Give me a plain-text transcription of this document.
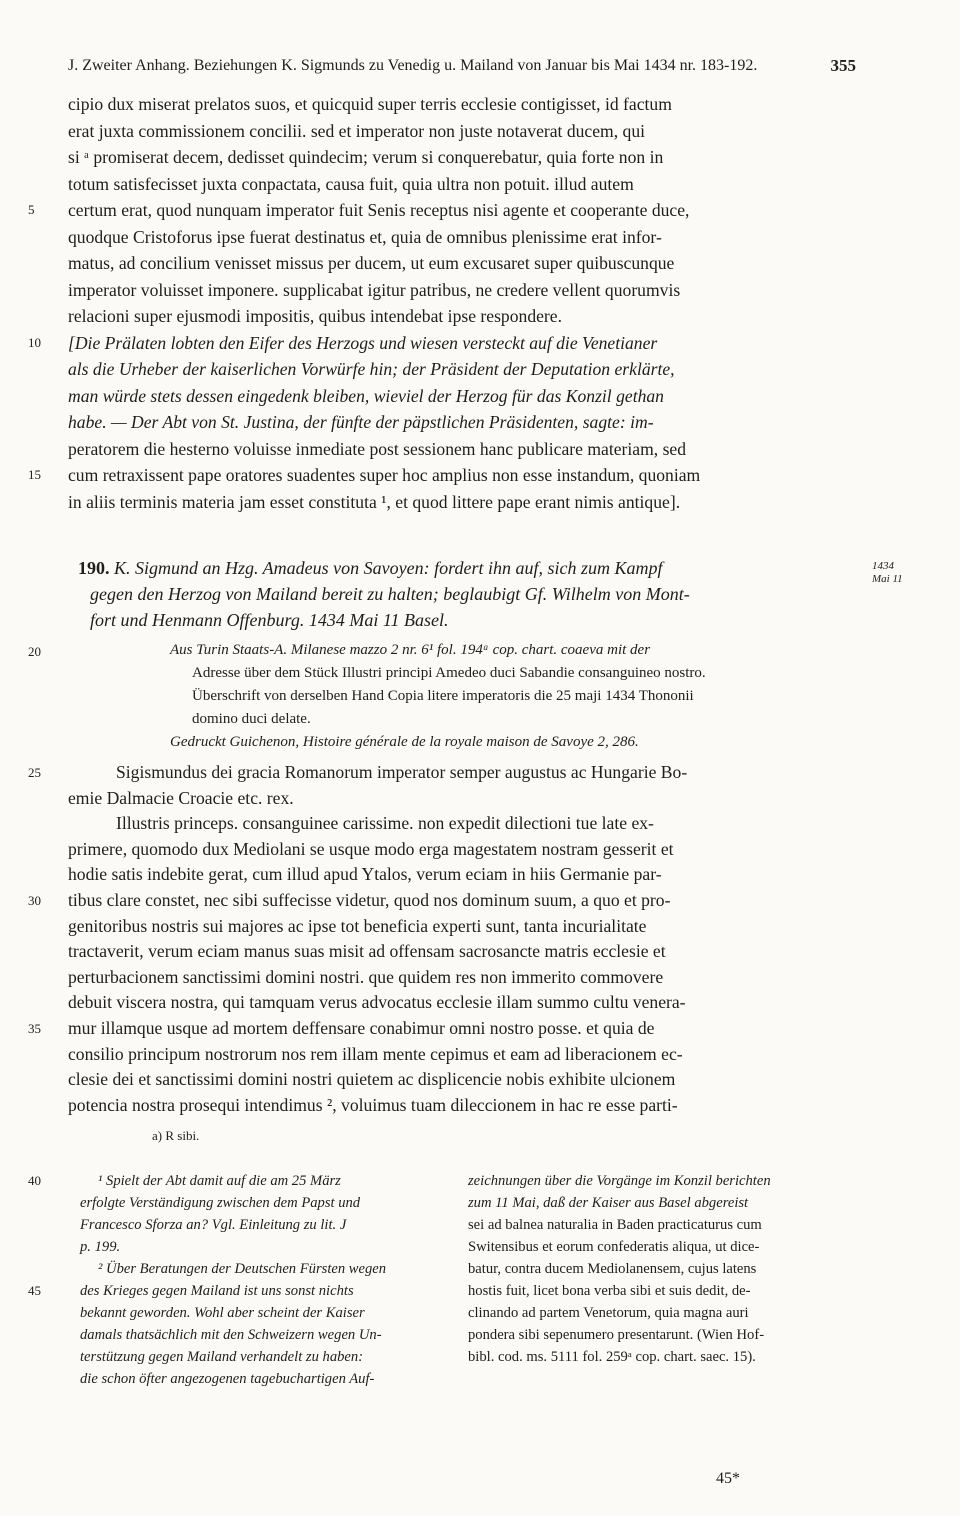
J. Zweiter Anhang. Beziehungen K. Sigmunds zu Venedig u. Mailand von Januar bis Mai 1434 nr. 183-192.	355
cipio dux miserat prelatos suos, et quicquid super terris ecclesie contigisset, id factum
erat juxta commissionem concilii. sed et imperator non juste notaverat ducem, qui
si ᵃ promiserat decem, dedisset quindecim; verum si conquerebatur, quia forte non in
totum satisfecisset juxta conpactata, causa fuit, quia ultra non potuit. illud autem
certum erat, quod nunquam imperator fuit Senis receptus nisi agente et cooperante duce,
5
quodque Cristoforus ipse fuerat destinatus et, quia de omnibus plenissime erat infor-
matus, ad concilium venisset missus per ducem, ut eum excusaret super quibuscunque
imperator voluisset imponere. supplicabat igitur patribus, ne credere vellent quorumvis
relacioni super ejusmodi impositis, quibus intendebat ipse respondere.
[Die Prälaten lobten den Eifer des Herzogs und wiesen versteckt auf die Venetianer
10
als die Urheber der kaiserlichen Vorwürfe hin; der Präsident der Deputation erklärte,
man würde stets dessen eingedenk bleiben, wieviel der Herzog für das Konzil gethan
habe. — Der Abt von St. Justina, der fünfte der päpstlichen Präsidenten, sagte: im-
peratorem die hesterno voluisse inmediate post sessionem hanc publicare materiam, sed
cum retraxissent pape oratores suadentes super hoc amplius non esse instandum, quoniam
15
in aliis terminis materia jam esset constituta ¹, et quod littere pape erant nimis antique].
190. K. Sigmund an Hzg. Amadeus von Savoyen: fordert ihn auf, sich zum Kampf
gegen den Herzog von Mailand bereit zu halten; beglaubigt Gf. Wilhelm von Mont-
fort und Henmann Offenburg. 1434 Mai 11 Basel.
1434
Mai 11
Aus Turin Staats-A. Milanese mazzo 2 nr. 6¹ fol. 194ᵃ cop. chart. coaeva mit der
Adresse über dem Stück Illustri principi Amedeo duci Sabandie consanguineo nostro.
Überschrift von derselben Hand Copia litere imperatoris die 25 maji 1434 Thononii
domino duci delate.
Gedruckt Guichenon, Histoire générale de la royale maison de Savoye 2, 286.
20
Sigismundus dei gracia Romanorum imperator semper augustus ac Hungarie Bo-
25
emie Dalmacie Croacie etc. rex.
Illustris princeps. consanguinee carissime. non expedit dilectioni tue late ex-
primere, quomodo dux Mediolani se usque modo erga magestatem nostram gesserit et
hodie satis indebite gerat, cum illud apud Ytalos, verum eciam in hiis Germanie par-
tibus clare constet, nec sibi suffecisse videtur, quod nos dominum suum, a quo et pro-
30
genitoribus nostris sui majores ac ipse tot beneficia experti sunt, tanta incurialitate
tractaverit, verum eciam manus suas misit ad offensam sacrosancte matris ecclesie et
perturbacionem sanctissimi domini nostri. que quidem res non immerito commovere
debuit viscera nostra, qui tamquam verus advocatus ecclesie illam summo cultu venera-
mur illamque usque ad mortem deffensare conabimur omni nostro posse. et quia de
35
consilio principum nostrorum nos rem illam mente cepimus et eam ad liberacionem ec-
clesie dei et sanctissimi domini nostri quietem ac displicencie nobis exhibite ulcionem
potencia nostra prosequi intendimus ², voluimus tuam dileccionem in hac re esse parti-
a) R sibi.
¹ Spielt der Abt damit auf die am 25 März
40
erfolgte Verständigung zwischen dem Papst und
Francesco Sforza an? Vgl. Einleitung zu lit. J
p. 199.
² Über Beratungen der Deutschen Fürsten wegen
des Krieges gegen Mailand ist uns sonst nichts
45
bekannt geworden. Wohl aber scheint der Kaiser
damals thatsächlich mit den Schweizern wegen Un-
terstützung gegen Mailand verhandelt zu haben:
die schon öfter angezogenen tagebuchartigen Auf-
zeichnungen über die Vorgänge im Konzil berichten
zum 11 Mai, daß der Kaiser aus Basel abgereist
sei ad balnea naturalia in Baden practicaturus cum
Switensibus et eorum confederatis aliqua, ut dice-
batur, contra ducem Mediolanensem, cujus latens
hostis fuit, licet bona verba sibi et suis dedit, de-
clinando ad partem Venetorum, quia magna auri
pondera sibi sepenumero presentarunt. (Wien Hof-
bibl. cod. ms. 5111 fol. 259ᵃ cop. chart. saec. 15).
45*
